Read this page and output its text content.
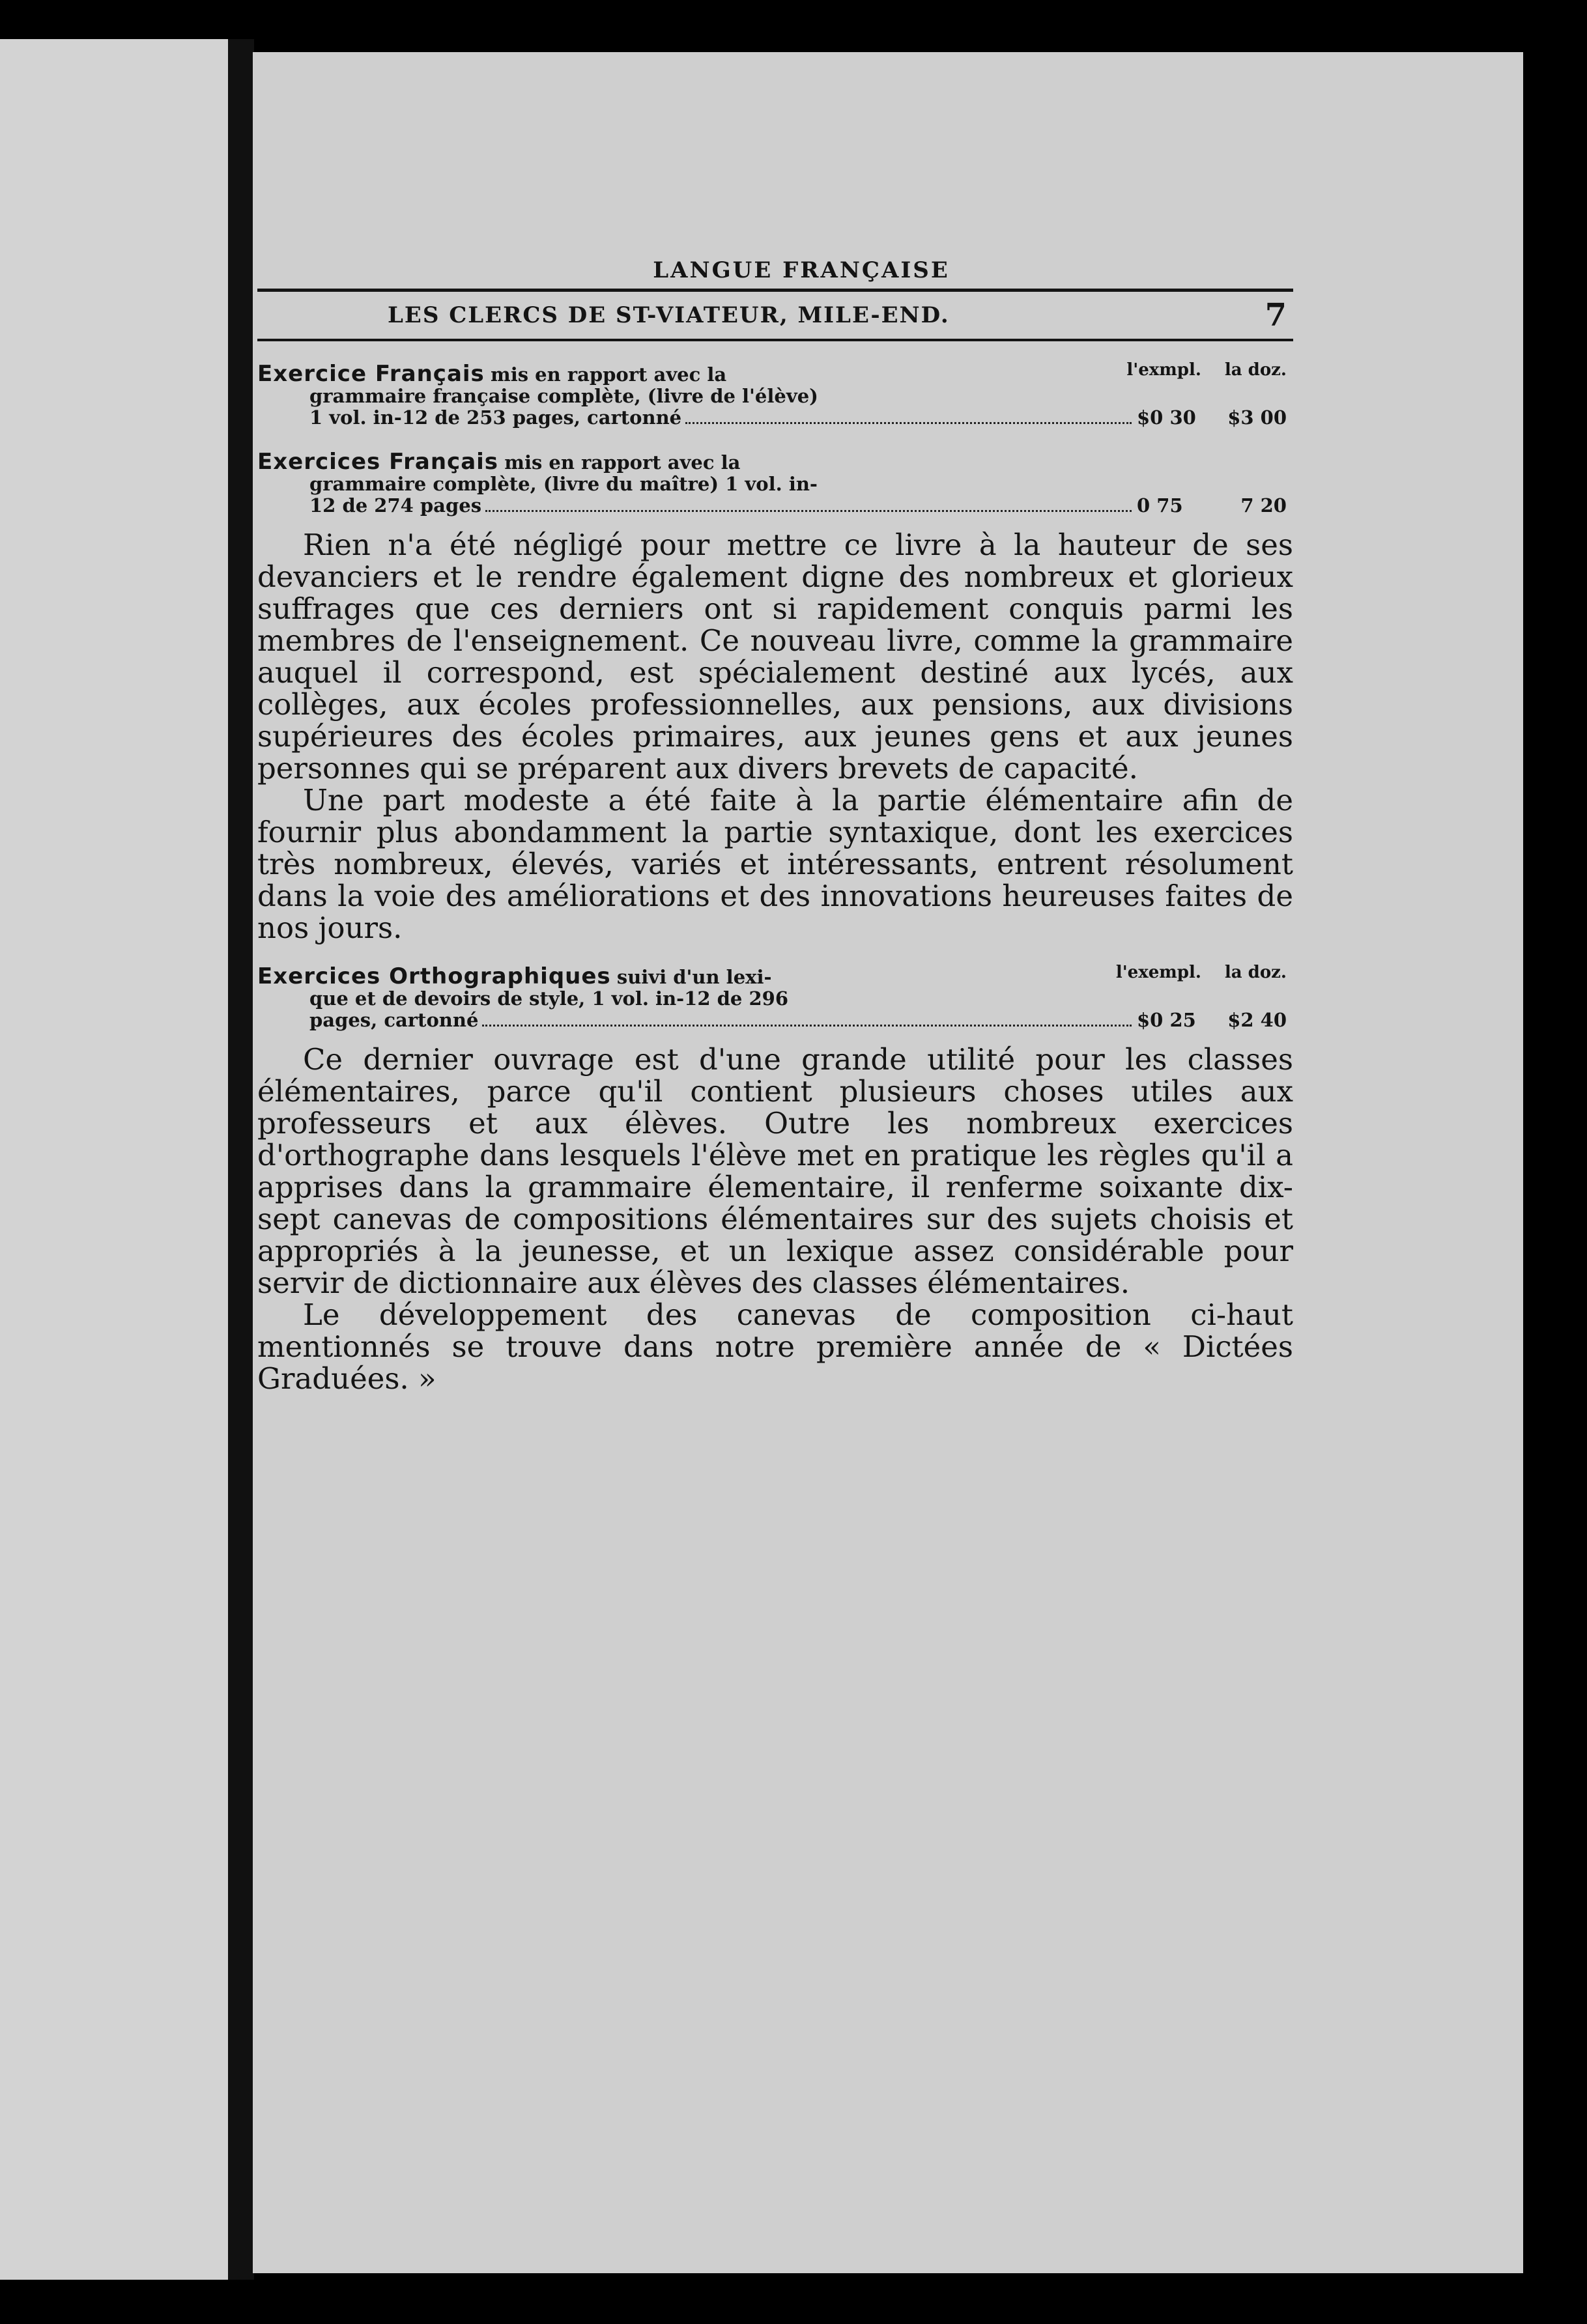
LANGUE FRANÇAISE
LES CLERCS DE ST-VIATEUR, MILE-END.	7
l'exmpl. la doz.
Exercice Français mis en rapport avec la
grammaire française complète, (livre de l'élève)
1 vol. in-12 de 253 pages, cartonné	$0 30	$3 00
Exercices Français mis en rapport avec la
grammaire complète, (livre du maître) 1 vol. in-
12 de 274 pages	0 75	7 20

Rien n'a été négligé pour mettre ce livre à la hauteur de ses devanciers et le rendre également digne des nombreux et glorieux suffrages que ces derniers ont si rapidement conquis parmi les membres de l'enseignement. Ce nouveau livre, comme la grammaire auquel il correspond, est spécialement destiné aux lycés, aux collèges, aux écoles professionnelles, aux pensions, aux divisions supérieures des écoles primaires, aux jeunes gens et aux jeunes personnes qui se préparent aux divers brevets de capacité.

Une part modeste a été faite à la partie élémentaire afin de fournir plus abondamment la partie syntaxique, dont les exercices très nombreux, élevés, variés et intéressants, entrent résolument dans la voie des améliorations et des innovations heureuses faites de nos jours.

l'exempl. la doz.
Exercices Orthographiques suivi d'un lexi-
que et de devoirs de style, 1 vol. in-12 de 296
pages, cartonné	$0 25	$2 40

Ce dernier ouvrage est d'une grande utilité pour les classes élémentaires, parce qu'il contient plusieurs choses utiles aux professeurs et aux élèves. Outre les nombreux exercices d'orthographe dans lesquels l'élève met en pratique les règles qu'il a apprises dans la grammaire élementaire, il renferme soixante dix-sept canevas de compositions élémentaires sur des sujets choisis et appropriés à la jeunesse, et un lexique assez considérable pour servir de dictionnaire aux élèves des classes élémentaires.

Le développement des canevas de composition ci-haut mentionnés se trouve dans notre première année de « Dictées Graduées. »
